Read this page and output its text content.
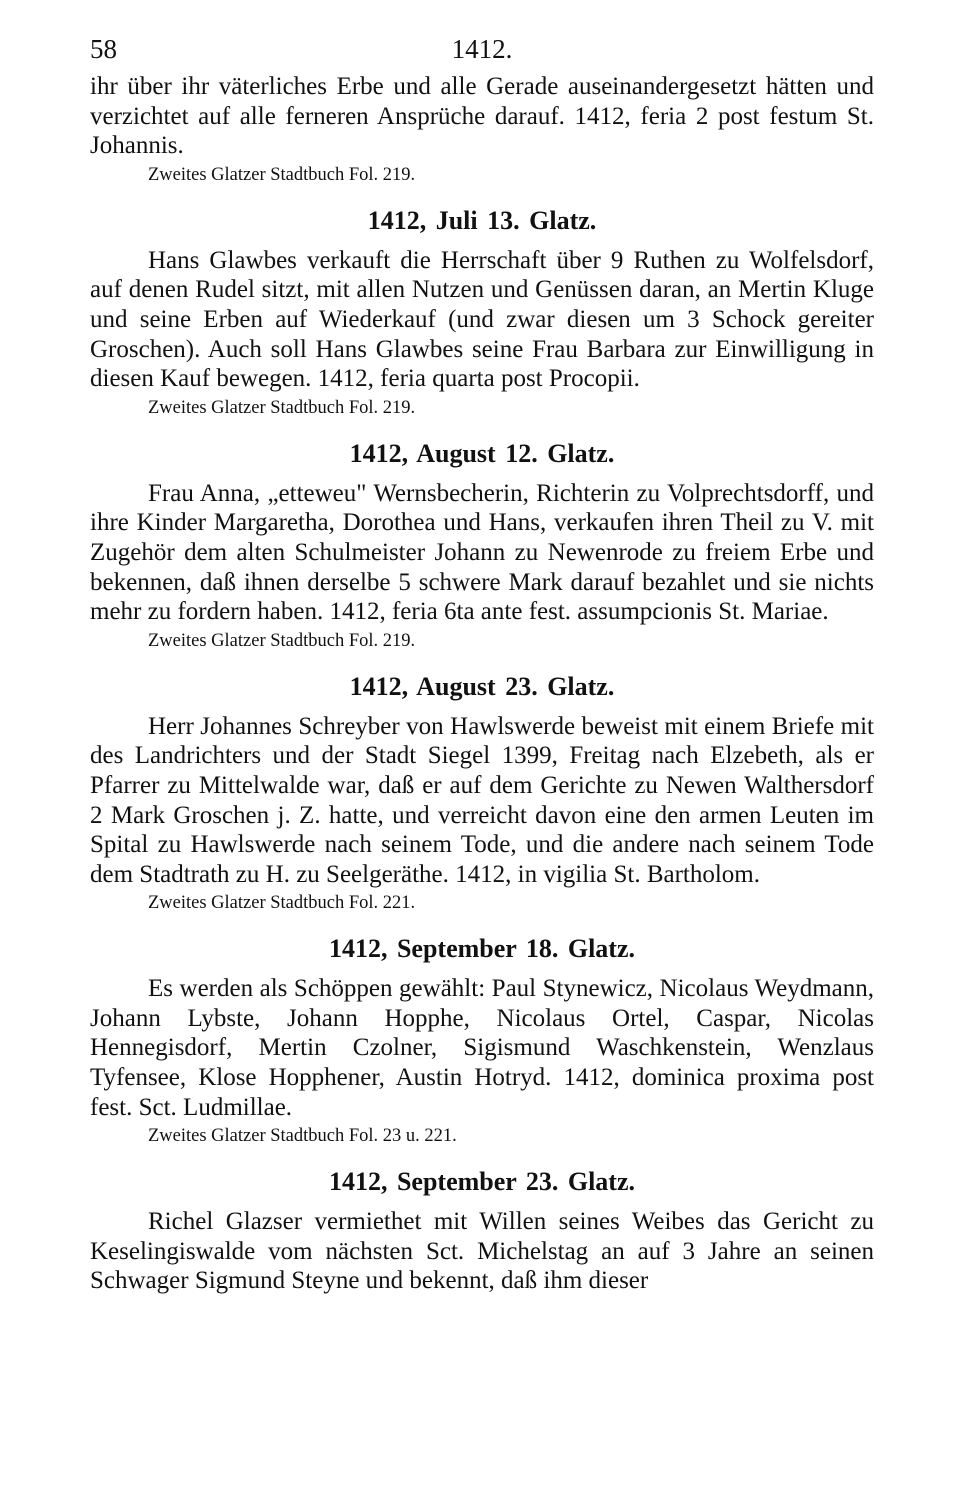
58	1412.

ihr über ihr väterliches Erbe und alle Gerade auseinandergesetzt hätten und verzichtet auf alle ferneren Ansprüche darauf. 1412, feria 2 post festum St. Johannis.

Zweites Glatzer Stadtbuch Fol. 219.
1412, Juli 13. Glatz.

Hans Glawbes verkauft die Herrschaft über 9 Ruthen zu Wolfelsdorf, auf denen Rudel sitzt, mit allen Nutzen und Genüssen daran, an Mertin Kluge und seine Erben auf Wiederkauf (und zwar diesen um 3 Schock gereiter Groschen). Auch soll Hans Glawbes seine Frau Barbara zur Einwilligung in diesen Kauf bewegen. 1412, feria quarta post Procopii.

Zweites Glatzer Stadtbuch Fol. 219.
1412, August 12. Glatz.

Frau Anna, „etteweu" Wernsbecherin, Richterin zu Volprechtsdorff, und ihre Kinder Margaretha, Dorothea und Hans, verkaufen ihren Theil zu V. mit Zugehör dem alten Schulmeister Johann zu Newenrode zu freiem Erbe und bekennen, daß ihnen derselbe 5 schwere Mark darauf bezahlet und sie nichts mehr zu fordern haben. 1412, feria 6ta ante fest. assumpcionis St. Mariae.

Zweites Glatzer Stadtbuch Fol. 219.
1412, August 23. Glatz.

Herr Johannes Schreyber von Hawlswerde beweist mit einem Briefe mit des Landrichters und der Stadt Siegel 1399, Freitag nach Elzebeth, als er Pfarrer zu Mittelwalde war, daß er auf dem Gerichte zu Newen Walthersdorf 2 Mark Groschen j. Z. hatte, und verreicht davon eine den armen Leuten im Spital zu Hawlswerde nach seinem Tode, und die andere nach seinem Tode dem Stadtrath zu H. zu Seelgeräthe. 1412, in vigilia St. Bartholom.

Zweites Glatzer Stadtbuch Fol. 221.
1412, September 18. Glatz.

Es werden als Schöppen gewählt: Paul Stynewicz, Nicolaus Weydmann, Johann Lybste, Johann Hopphe, Nicolaus Ortel, Caspar, Nicolas Hennegisdorf, Mertin Czolner, Sigismund Waschkenstein, Wenzlaus Tyfensee, Klose Hopphener, Austin Hotryd. 1412, dominica proxima post fest. Sct. Ludmillae.

Zweites Glatzer Stadtbuch Fol. 23 u. 221.
1412, September 23. Glatz.

Richel Glazser vermiethet mit Willen seines Weibes das Gericht zu Keselingiswalde vom nächsten Sct. Michelstag an auf 3 Jahre an seinen Schwager Sigmund Steyne und bekennt, daß ihm dieser
